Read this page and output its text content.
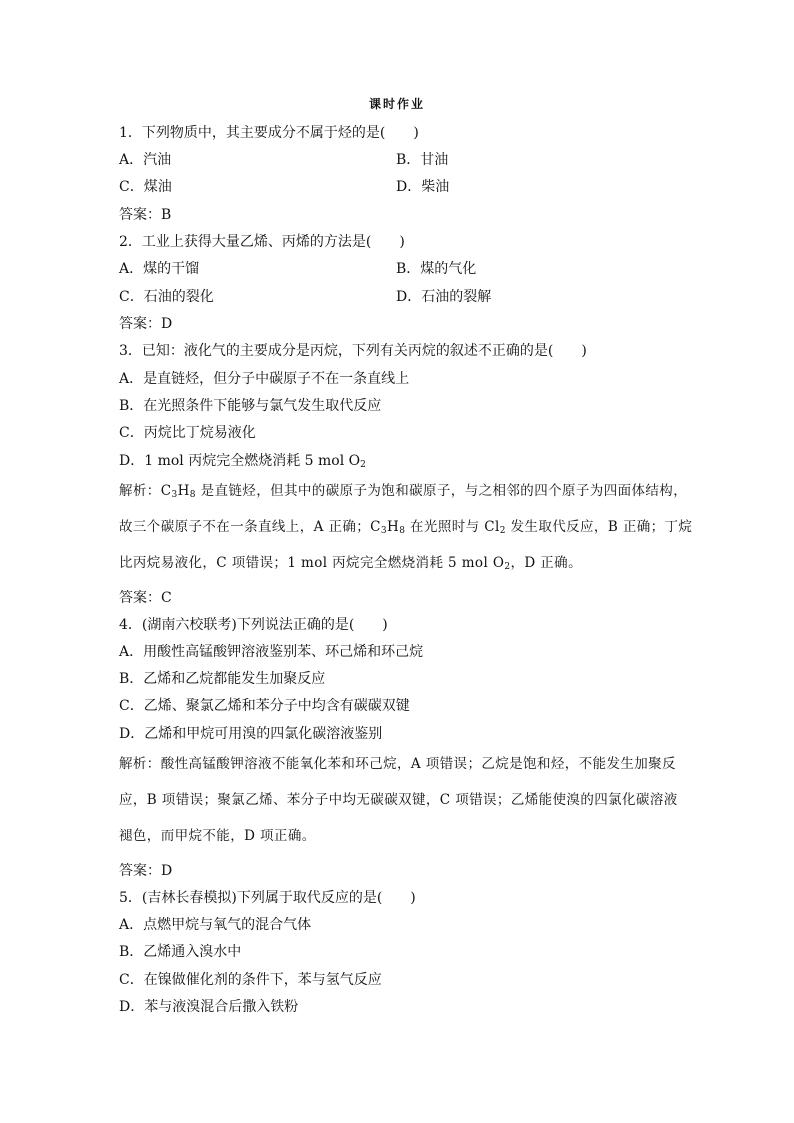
课时作业
1．下列物质中，其主要成分不属于烃的是(　　)
A．汽油	B．甘油
C．煤油	D．柴油
答案：B
2．工业上获得大量乙烯、丙烯的方法是(　　)
A．煤的干馏	B．煤的气化
C．石油的裂化	D．石油的裂解
答案：D
3．已知：液化气的主要成分是丙烷，下列有关丙烷的叙述不正确的是(　　)
A．是直链烃，但分子中碳原子不在一条直线上
B．在光照条件下能够与氯气发生取代反应
C．丙烷比丁烷易液化
D．1 mol 丙烷完全燃烧消耗 5 mol $O_2$
解析：$C_3H_8$ 是直链烃，但其中的碳原子为饱和碳原子，与之相邻的四个原子为四面体结构，
故三个碳原子不在一条直线上，A 正确；$C_3H_8$ 在光照时与 $Cl_2$ 发生取代反应，B 正确；丁烷
比丙烷易液化，C 项错误；1 mol 丙烷完全燃烧消耗 5 mol $O_2$，D 正确。
答案：C
4．(湖南六校联考)下列说法正确的是(　　)
A．用酸性高锰酸钾溶液鉴别苯、环己烯和环己烷
B．乙烯和乙烷都能发生加聚反应
C．乙烯、聚氯乙烯和苯分子中均含有碳碳双键
D．乙烯和甲烷可用溴的四氯化碳溶液鉴别
解析：酸性高锰酸钾溶液不能氧化苯和环己烷，A 项错误；乙烷是饱和烃，不能发生加聚反
应，B 项错误；聚氯乙烯、苯分子中均无碳碳双键，C 项错误；乙烯能使溴的四氯化碳溶液
褪色，而甲烷不能，D 项正确。
答案：D
5．(吉林长春模拟)下列属于取代反应的是(　　)
A．点燃甲烷与氧气的混合气体
B．乙烯通入溴水中
C．在镍做催化剂的条件下，苯与氢气反应
D．苯与液溴混合后撒入铁粉
